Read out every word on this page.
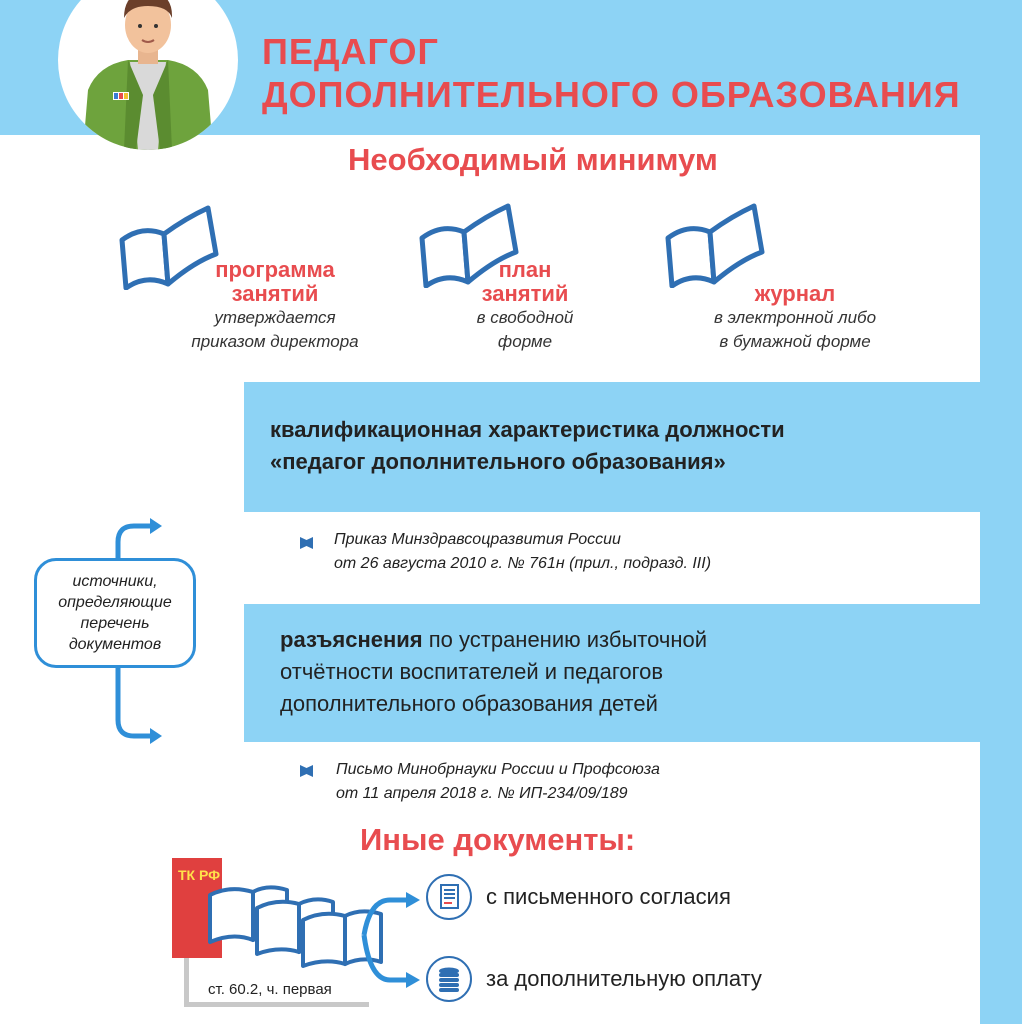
ПЕДАГОГ
ДОПОЛНИТЕЛЬНОГО ОБРАЗОВАНИЯ
Необходимый минимум
программа
занятий
утверждается
приказом директора
план
занятий
в свободной
форме
журнал
в электронной либо
в бумажной форме
квалификационная характеристика должности
«педагог дополнительного образования»
Приказ Минздравсоцразвития России
от 26 августа 2010 г. № 761н (прил., подразд. III)
разъяснения по устранению избыточной
отчётности воспитателей и педагогов
дополнительного образования детей
Письмо Минобрнауки России и Профсоюза
от 11 апреля 2018 г. № ИП-234/09/189
источники,
определяющие
перечень
документов
Иные документы:
ТК РФ
ст. 60.2, ч. первая
с письменного согласия
за дополнительную оплату
